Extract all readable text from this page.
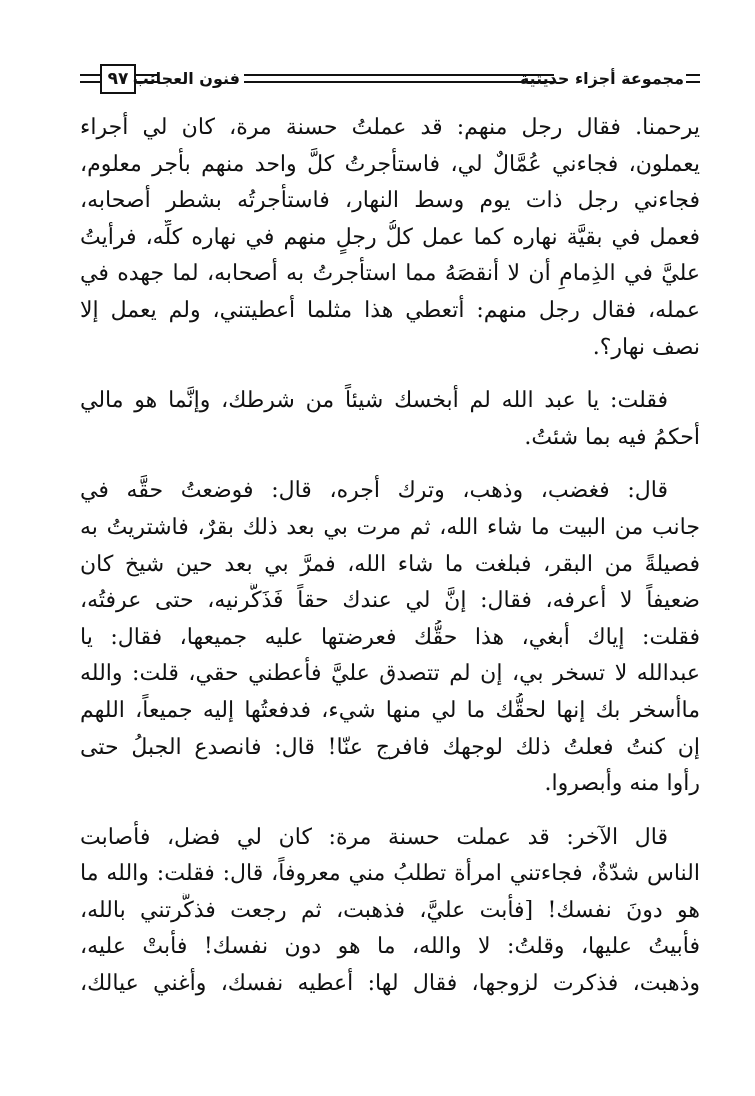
٩٧ فنون العجائب	مجموعة أجزاء حديثية
يرحمنا. فقال رجل منهم: قد عملتُ حسنة مرة، كان لي أجراء
يعملون، فجاءني عُمَّالٌ لي، فاستأجرتُ كلَّ واحد منهم بأجر معلوم،
فجاءني رجل ذات يوم وسط النهار، فاستأجرتُه بشطر أصحابه،
فعمل في بقيَّة نهاره كما عمل كلُّ رجلٍ منهم في نهاره كلِّه، فرأيتُ
عليَّ في الذِمامِ أن لا أنقصَهُ مما استأجرتُ به أصحابه، لما جهده في
عمله، فقال رجل منهم: أتعطي هذا مثلما أعطيتني، ولم يعمل إلا
نصف نهار؟.
فقلت: يا عبد الله لم أبخسك شيئاً من شرطك، وإنَّما هو مالي
أحكمُ فيه بما شئتُ.
قال: فغضب، وذهب، وترك أجره، قال: فوضعتُ حقَّه في
جانب من البيت ما شاء الله، ثم مرت بي بعد ذلك بقرٌ، فاشتريتُ به
فصيلةً من البقر، فبلغت ما شاء الله، فمرَّ بي بعد حين شيخ كان
ضعيفاً لا أعرفه، فقال: إنَّ لي عندك حقاً فَذَكَّرنيه، حتى عرفتُه،
فقلت: إياك أبغي، هذا حقُّك فعرضتها عليه جميعها، فقال: يا
عبدالله لا تسخر بي، إن لم تتصدق عليَّ فأعطني حقي، قلت: والله
ماأسخر بك إنها لحقُّك ما لي منها شيء، فدفعتُها إليه جميعاً، اللهم
إن كنتُ فعلتُ ذلك لوجهك فافرج عنّا! قال: فانصدع الجبلُ حتى
رأوا منه وأبصروا.
قال الآخر: قد عملت حسنة مرة: كان لي فضل، فأصابت
الناس شدّةٌ، فجاءتني امرأة تطلبُ مني معروفاً، قال: فقلت: والله ما
هو دونَ نفسك! [فأبت عليَّ، فذهبت، ثم رجعت فذكَّرتني بالله،
فأبيتُ عليها، وقلتُ: لا والله، ما هو دون نفسك! فأبتْ عليه،
وذهبت، فذكرت لزوجها، فقال لها: أعطيه نفسك، وأغني عيالك،
